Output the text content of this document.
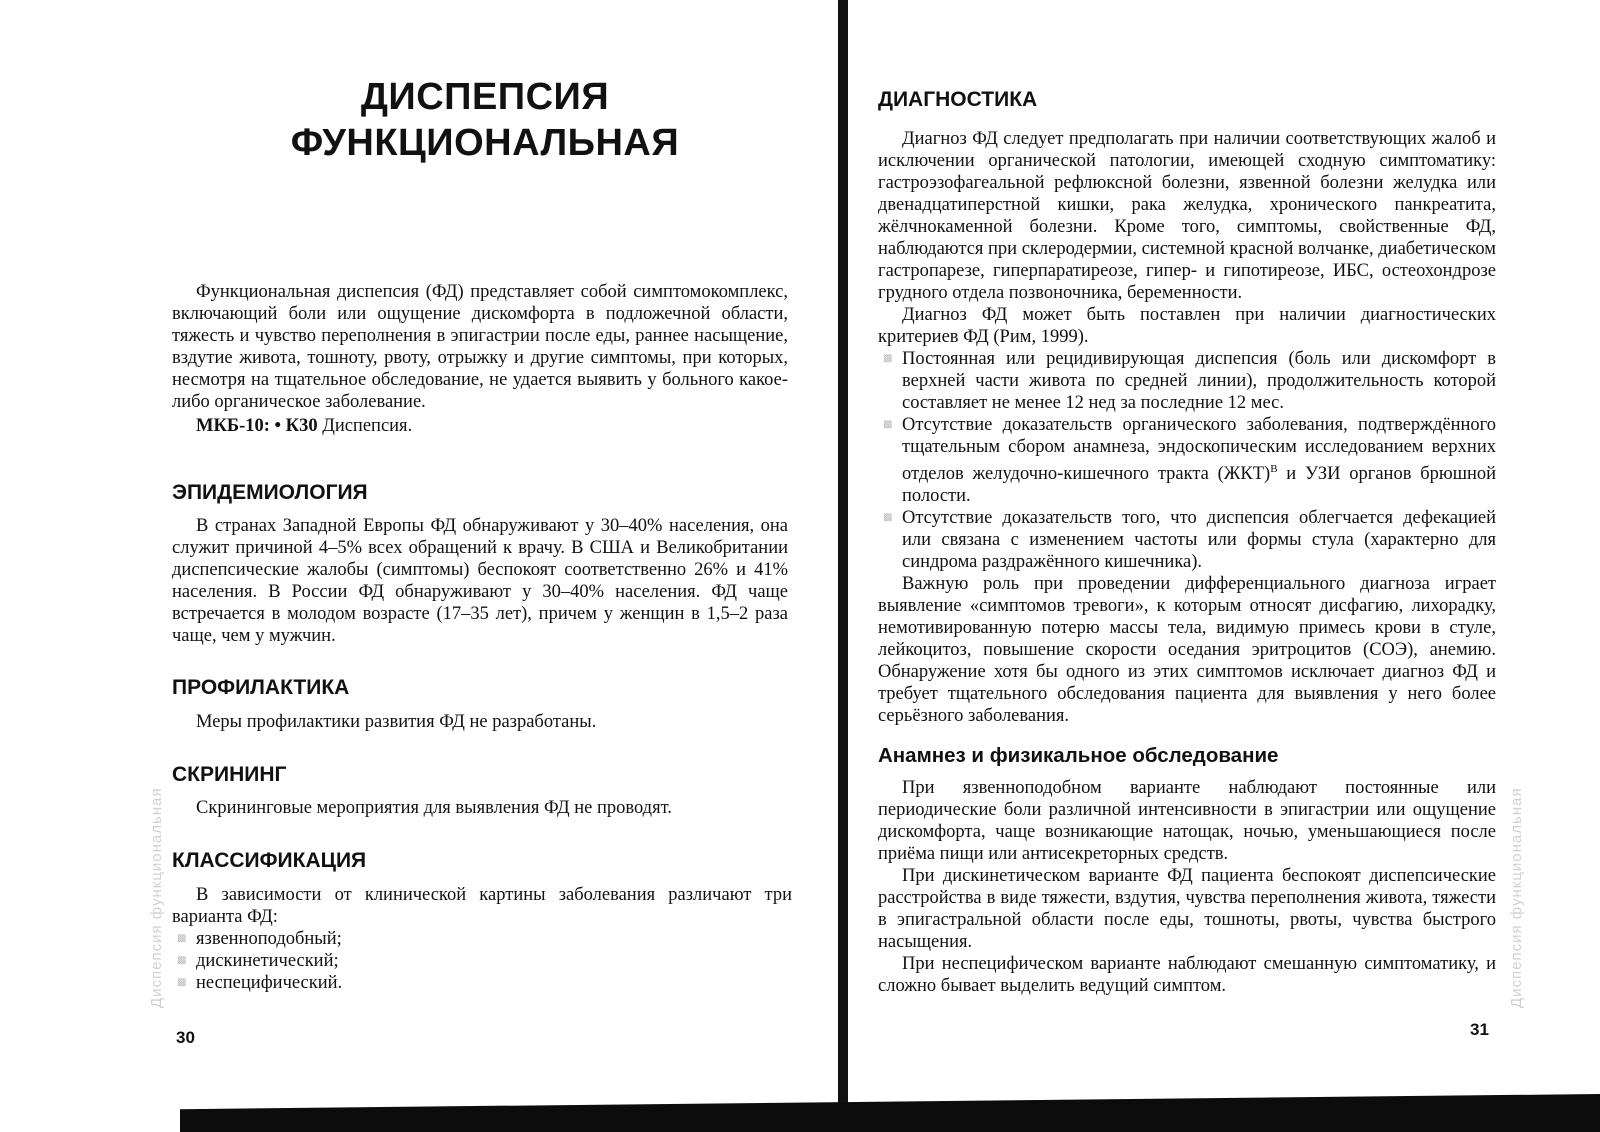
ДИСПЕПСИЯ
ФУНКЦИОНАЛЬНАЯ

Функциональная диспепсия (ФД) представляет собой симптомокомплекс, включающий боли или ощущение дискомфорта в подложечной области, тяжесть и чувство переполнения в эпигастрии после еды, раннее насыщение, вздутие живота, тошноту, рвоту, отрыжку и другие симптомы, при которых, несмотря на тщательное обследование, не удается выявить у больного какое-либо органическое заболевание.

МКБ-10: • К30 Диспепсия.

ЭПИДЕМИОЛОГИЯ

В странах Западной Европы ФД обнаруживают у 30–40% населения, она служит причиной 4–5% всех обращений к врачу. В США и Великобритании диспепсические жалобы (симптомы) беспокоят соответственно 26% и 41% населения. В России ФД обнаруживают у 30–40% населения. ФД чаще встречается в молодом возрасте (17–35 лет), причем у женщин в 1,5–2 раза чаще, чем у мужчин.

ПРОФИЛАКТИКА

Меры профилактики развития ФД не разработаны.

СКРИНИНГ

Скрининговые мероприятия для выявления ФД не проводят.

КЛАССИФИКАЦИЯ

В зависимости от клинической картины заболевания различают три варианта ФД:

▩ язвенноподобный;
▩ дискинетический;
▩ неспецифический.
Диспепсия функциональная
30
ДИАГНОСТИКА

Диагноз ФД следует предполагать при наличии соответствующих жалоб и исключении органической патологии, имеющей сходную симптоматику: гастроэзофагеальной рефлюксной болезни, язвенной болезни желудка или двенадцатиперстной кишки, рака желудка, хронического панкреатита, жёлчнокаменной болезни. Кроме того, симптомы, свойственные ФД, наблюдаются при склеродермии, системной красной волчанке, диабетическом гастропарезе, гиперпаратиреозе, гипер- и гипотиреозе, ИБС, остеохондрозе грудного отдела позвоночника, беременности.

Диагноз ФД может быть поставлен при наличии диагностических критериев ФД (Рим, 1999).

▩ Постоянная или рецидивирующая диспепсия (боль или дискомфорт в верхней части живота по средней линии), продолжительность которой составляет не менее 12 нед за последние 12 мес.
▩ Отсутствие доказательств органического заболевания, подтверждённого тщательным сбором анамнеза, эндоскопическим исследованием верхних отделов желудочно-кишечного тракта (ЖКТ)$^В$ и УЗИ органов брюшной полости.
▩ Отсутствие доказательств того, что диспепсия облегчается дефекацией или связана с изменением частоты или формы стула (характерно для синдрома раздражённого кишечника).

Важную роль при проведении дифференциального диагноза играет выявление «симптомов тревоги», к которым относят дисфагию, лихорадку, немотивированную потерю массы тела, видимую примесь крови в стуле, лейкоцитоз, повышение скорости оседания эритроцитов (СОЭ), анемию. Обнаружение хотя бы одного из этих симптомов исключает диагноз ФД и требует тщательного обследования пациента для выявления у него более серьёзного заболевания.

Анамнез и физикальное обследование

При язвенноподобном варианте наблюдают постоянные или периодические боли различной интенсивности в эпигастрии или ощущение дискомфорта, чаще возникающие натощак, ночью, уменьшающиеся после приёма пищи или антисекреторных средств.

При дискинетическом варианте ФД пациента беспокоят диспепсические расстройства в виде тяжести, вздутия, чувства переполнения живота, тяжести в эпигастральной области после еды, тошноты, рвоты, чувства быстрого насыщения.

При неспецифическом варианте наблюдают смешанную симптоматику, и сложно бывает выделить ведущий симптом.	Диспепсия функциональная
31
